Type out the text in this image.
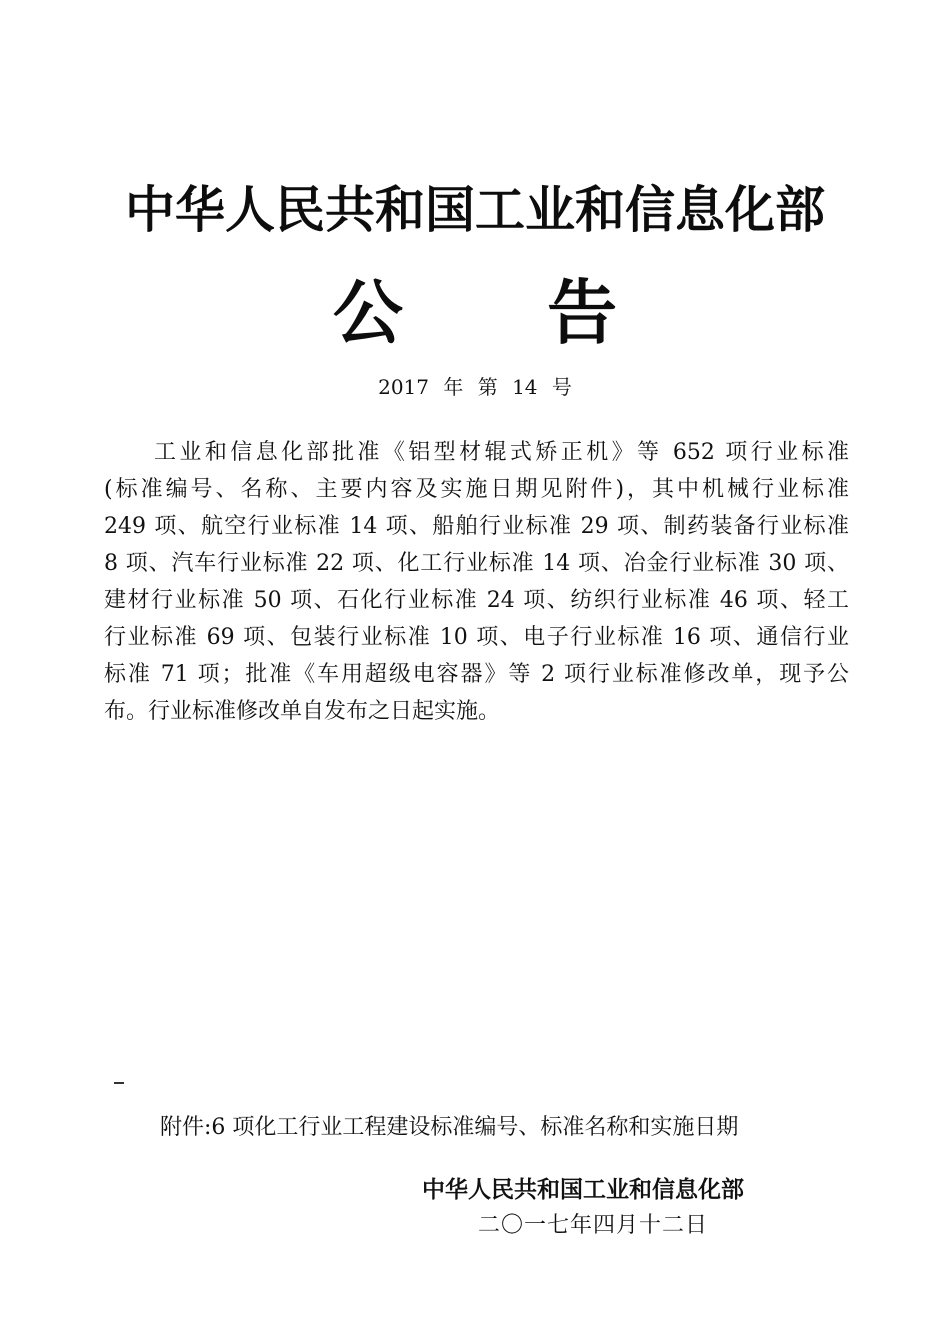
中华人民共和国工业和信息化部
公 告
2017 年 第 14 号
工业和信息化部批准《铝型材辊式矫正机》等 652 项行业标准
(标准编号、名称、主要内容及实施日期见附件)，其中机械行业标准
249 项、航空行业标准 14 项、船舶行业标准 29 项、制药装备行业标准
8 项、汽车行业标准 22 项、化工行业标准 14 项、冶金行业标准 30 项、
建材行业标准 50 项、石化行业标准 24 项、纺织行业标准 46 项、轻工
行业标准 69 项、包装行业标准 10 项、电子行业标准 16 项、通信行业
标准 71 项；批准《车用超级电容器》等 2 项行业标准修改单，现予公
布。行业标准修改单自发布之日起实施。
附件:6 项化工行业工程建设标准编号、标准名称和实施日期
中华人民共和国工业和信息化部
二〇一七年四月十二日
